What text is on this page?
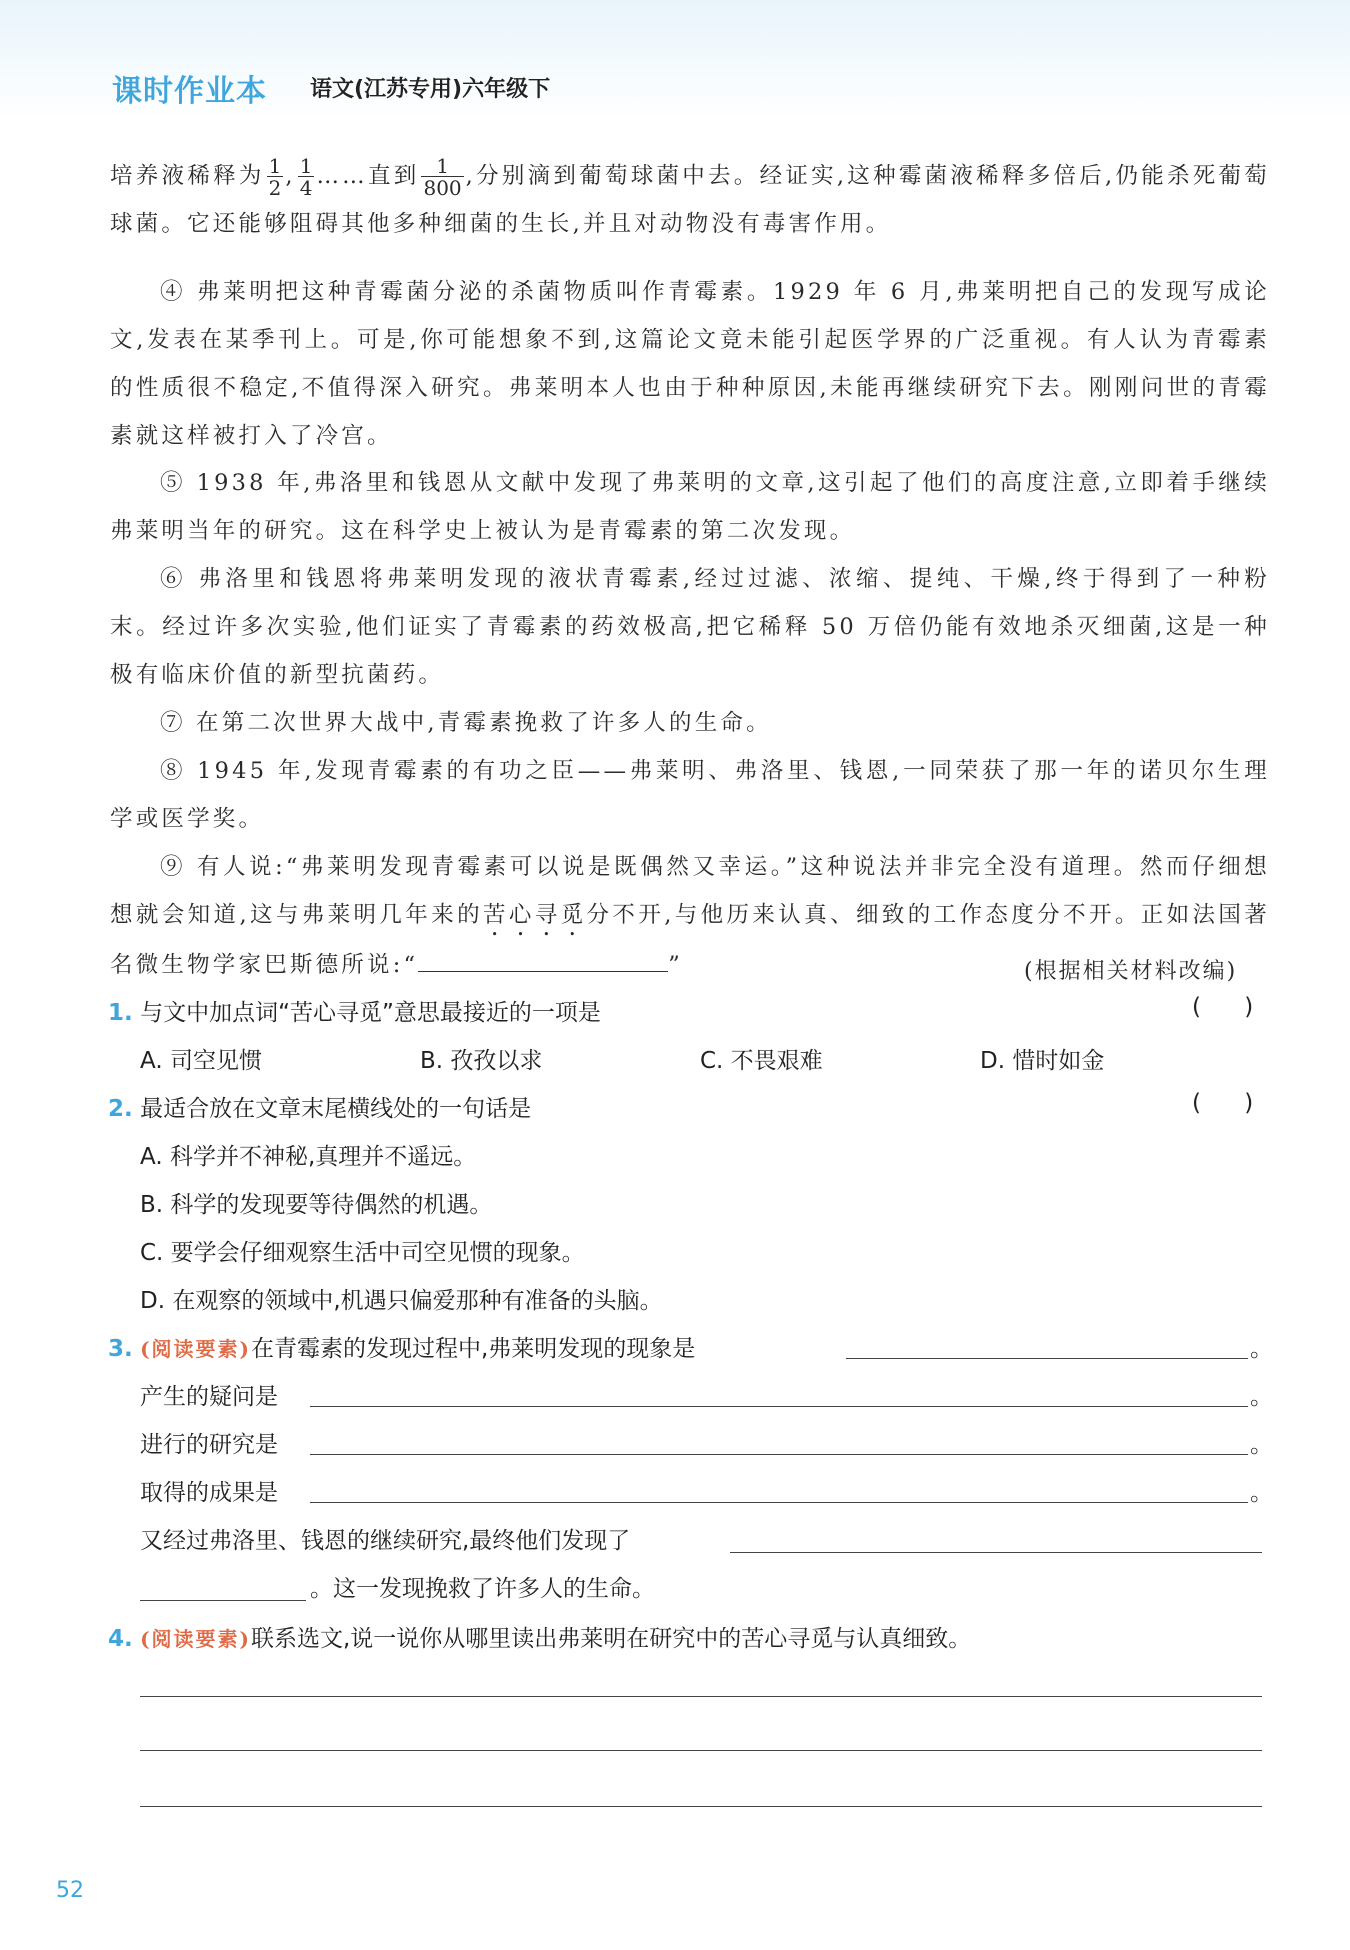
课时作业本 语文(江苏专用)六年级下
培养液稀释为 $\frac{1}{2}$ , $\frac{1}{4}$ ……直到 $\frac{1}{800}$ ,分别滴到葡萄球菌中去。经证实,这种霉菌液稀释多倍后,仍能杀死葡萄球菌。它还能够阻碍其他多种细菌的生长,并且对动物没有毒害作用。
④ 弗莱明把这种青霉菌分泌的杀菌物质叫作青霉素。1929 年 6 月,弗莱明把自己的发现写成论文,发表在某季刊上。可是,你可能想象不到,这篇论文竟未能引起医学界的广泛重视。有人认为青霉素的性质很不稳定,不值得深入研究。弗莱明本人也由于种种原因,未能再继续研究下去。刚刚问世的青霉素就这样被打入了冷宫。
⑤ 1938 年,弗洛里和钱恩从文献中发现了弗莱明的文章,这引起了他们的高度注意,立即着手继续弗莱明当年的研究。这在科学史上被认为是青霉素的第二次发现。
⑥ 弗洛里和钱恩将弗莱明发现的液状青霉素,经过过滤、浓缩、提纯、干燥,终于得到了一种粉末。经过许多次实验,他们证实了青霉素的药效极高,把它稀释 50 万倍仍能有效地杀灭细菌,这是一种极有临床价值的新型抗菌药。
⑦ 在第二次世界大战中,青霉素挽救了许多人的生命。
⑧ 1945 年,发现青霉素的有功之臣——弗莱明、弗洛里、钱恩,一同荣获了那一年的诺贝尔生理学或医学奖。
⑨ 有人说:“弗莱明发现青霉素可以说是既偶然又幸运。”这种说法并非完全没有道理。然而仔细想想就会知道,这与弗莱明几年来的苦心寻觅分不开,与他历来认真、细致的工作态度分不开。正如法国著名微生物学家巴斯德所说:“	”	(根据相关材料改编)
1. 与文中加点词“苦心寻觅”意思最接近的一项是	( )
A. 司空见惯	B. 孜孜以求	C. 不畏艰难	D. 惜时如金
2. 最适合放在文章末尾横线处的一句话是	( )
A. 科学并不神秘,真理并不遥远。
B. 科学的发现要等待偶然的机遇。
C. 要学会仔细观察生活中司空见惯的现象。
D. 在观察的领域中,机遇只偏爱那种有准备的头脑。
3. (阅读要素)在青霉素的发现过程中,弗莱明发现的现象是	。
产生的疑问是	。
进行的研究是	。
取得的成果是	。
又经过弗洛里、钱恩的继续研究,最终他们发现了
。这一发现挽救了许多人的生命。
4. (阅读要素)联系选文,说一说你从哪里读出弗莱明在研究中的苦心寻觅与认真细致。
52
